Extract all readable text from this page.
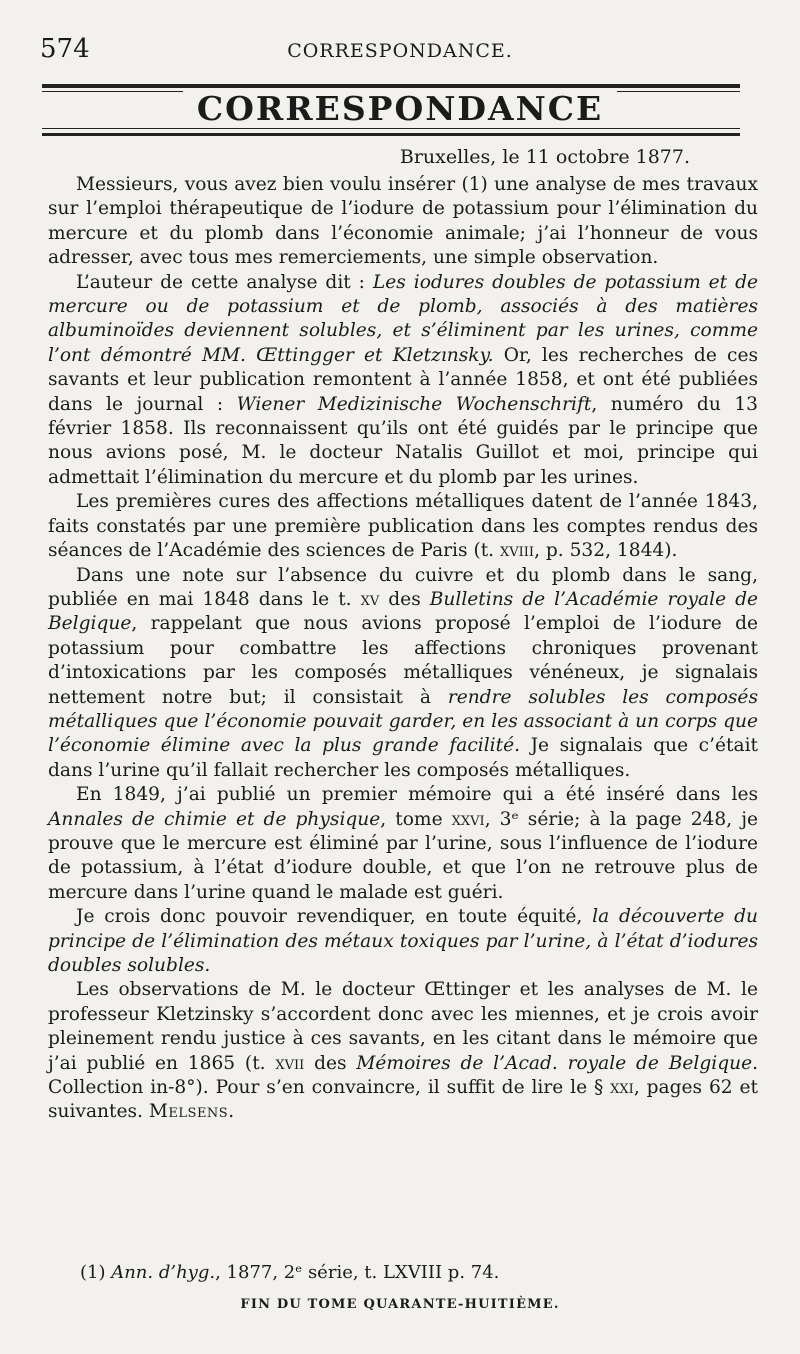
574	CORRESPONDANCE.
CORRESPONDANCE
Bruxelles, le 11 octobre 1877.

Messieurs, vous avez bien voulu insérer (1) une analyse de mes travaux sur l’emploi thérapeutique de l’iodure de potassium pour l’élimination du mercure et du plomb dans l’économie animale; j’ai l’honneur de vous adresser, avec tous mes remerciements, une simple observation.

L’auteur de cette analyse dit : Les iodures doubles de potassium et de mercure ou de potassium et de plomb, associés à des matières albuminoïdes deviennent solubles, et s’éliminent par les urines, comme l’ont démontré MM. Œttingger et Kletzınsky. Or, les recherches de ces savants et leur publication remontent à l’année 1858, et ont été publiées dans le journal : Wiener Medizinische Wochenschrift, numéro du 13 février 1858. Ils reconnaissent qu’ils ont été guidés par le principe que nous avions posé, M. le docteur Natalis Guillot et moi, principe qui admettait l’élimination du mercure et du plomb par les urines.

Les premières cures des affections métalliques datent de l’année 1843, faits constatés par une première publication dans les comptes rendus des séances de l’Académie des sciences de Paris (t. xviii, p. 532, 1844).

Dans une note sur l’absence du cuivre et du plomb dans le sang, publiée en mai 1848 dans le t. xv des Bulletins de l’Académie royale de Belgique, rappelant que nous avions proposé l’emploi de l’iodure de potassium pour combattre les affections chroniques provenant d’intoxications par les composés métalliques vénéneux, je signalais nettement notre but; il consistait à rendre solubles les composés métalliques que l’économie pouvait garder, en les associant à un corps que l’économie élimine avec la plus grande facilité. Je signalais que c’était dans l’urine qu’il fallait rechercher les composés métalliques.

En 1849, j’ai publié un premier mémoire qui a été inséré dans les Annales de chimie et de physique, tome xxvi, 3ᵉ série; à la page 248, je prouve que le mercure est éliminé par l’urine, sous l’influence de l’iodure de potassium, à l’état d’iodure double, et que l’on ne retrouve plus de mercure dans l’urine quand le malade est guéri.

Je crois donc pouvoir revendiquer, en toute équité, la découverte du principe de l’élimination des métaux toxiques par l’urine, à l’état d’iodures doubles solubles.

Les observations de M. le docteur Œttinger et les analyses de M. le professeur Kletzinsky s’accordent donc avec les miennes, et je crois avoir pleinement rendu justice à ces savants, en les citant dans le mémoire que j’ai publié en 1865 (t. xvii des Mémoires de l’Acad. royale de Belgique. Collection in-8°). Pour s’en convaincre, il suffit de lire le § xxi, pages 62 et suivantes. Melsens.

(1) Ann. d’hyg., 1877, 2ᵉ série, t. LXVIII p. 74.
FIN DU TOME QUARANTE-HUITIÈME.
